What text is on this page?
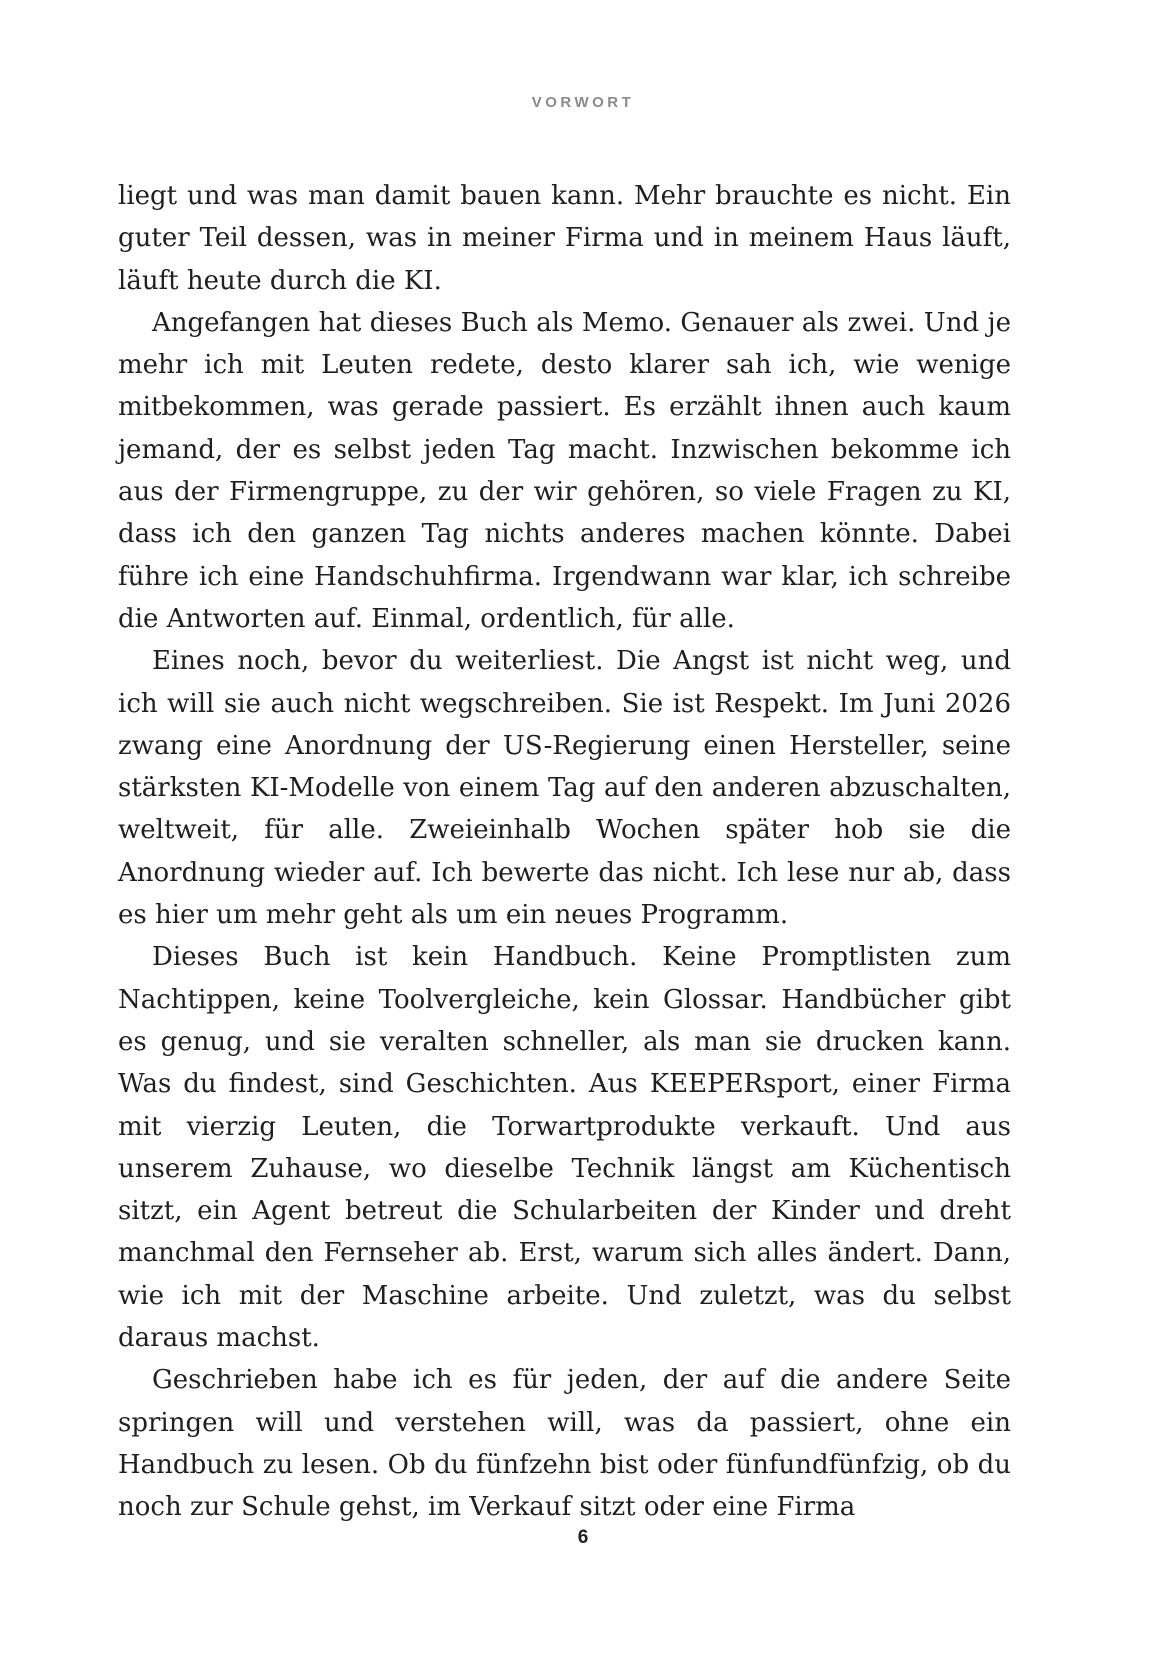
VORWORT

liegt und was man damit bauen kann. Mehr brauchte es nicht. Ein guter Teil dessen, was in meiner Firma und in meinem Haus läuft, läuft heute durch die KI.

Angefangen hat dieses Buch als Memo. Genauer als zwei. Und je mehr ich mit Leuten redete, desto klarer sah ich, wie wenige mitbekommen, was gerade passiert. Es erzählt ihnen auch kaum jemand, der es selbst jeden Tag macht. Inzwischen bekomme ich aus der Firmengruppe, zu der wir gehören, so viele Fragen zu KI, dass ich den ganzen Tag nichts anderes machen könnte. Dabei führe ich eine Handschuhfirma. Irgendwann war klar, ich schreibe die Antworten auf. Einmal, ordentlich, für alle.

Eines noch, bevor du weiterliest. Die Angst ist nicht weg, und ich will sie auch nicht wegschreiben. Sie ist Respekt. Im Juni 2026 zwang eine Anordnung der US-Regierung einen Hersteller, seine stärksten KI-Modelle von einem Tag auf den anderen abzuschalten, weltweit, für alle. Zweieinhalb Wochen später hob sie die Anordnung wieder auf. Ich bewerte das nicht. Ich lese nur ab, dass es hier um mehr geht als um ein neues Programm.

Dieses Buch ist kein Handbuch. Keine Promptlisten zum Nachtippen, keine Toolvergleiche, kein Glossar. Handbücher gibt es genug, und sie veralten schneller, als man sie drucken kann. Was du findest, sind Geschichten. Aus KEEPERsport, einer Firma mit vierzig Leuten, die Torwartprodukte verkauft. Und aus unserem Zuhause, wo dieselbe Technik längst am Küchentisch sitzt, ein Agent betreut die Schularbeiten der Kinder und dreht manchmal den Fernseher ab. Erst, warum sich alles ändert. Dann, wie ich mit der Maschine arbeite. Und zuletzt, was du selbst daraus machst.

Geschrieben habe ich es für jeden, der auf die andere Seite springen will und verstehen will, was da passiert, ohne ein Handbuch zu lesen. Ob du fünfzehn bist oder fünfundfünfzig, ob du noch zur Schule gehst, im Verkauf sitzt oder eine Firma

6
